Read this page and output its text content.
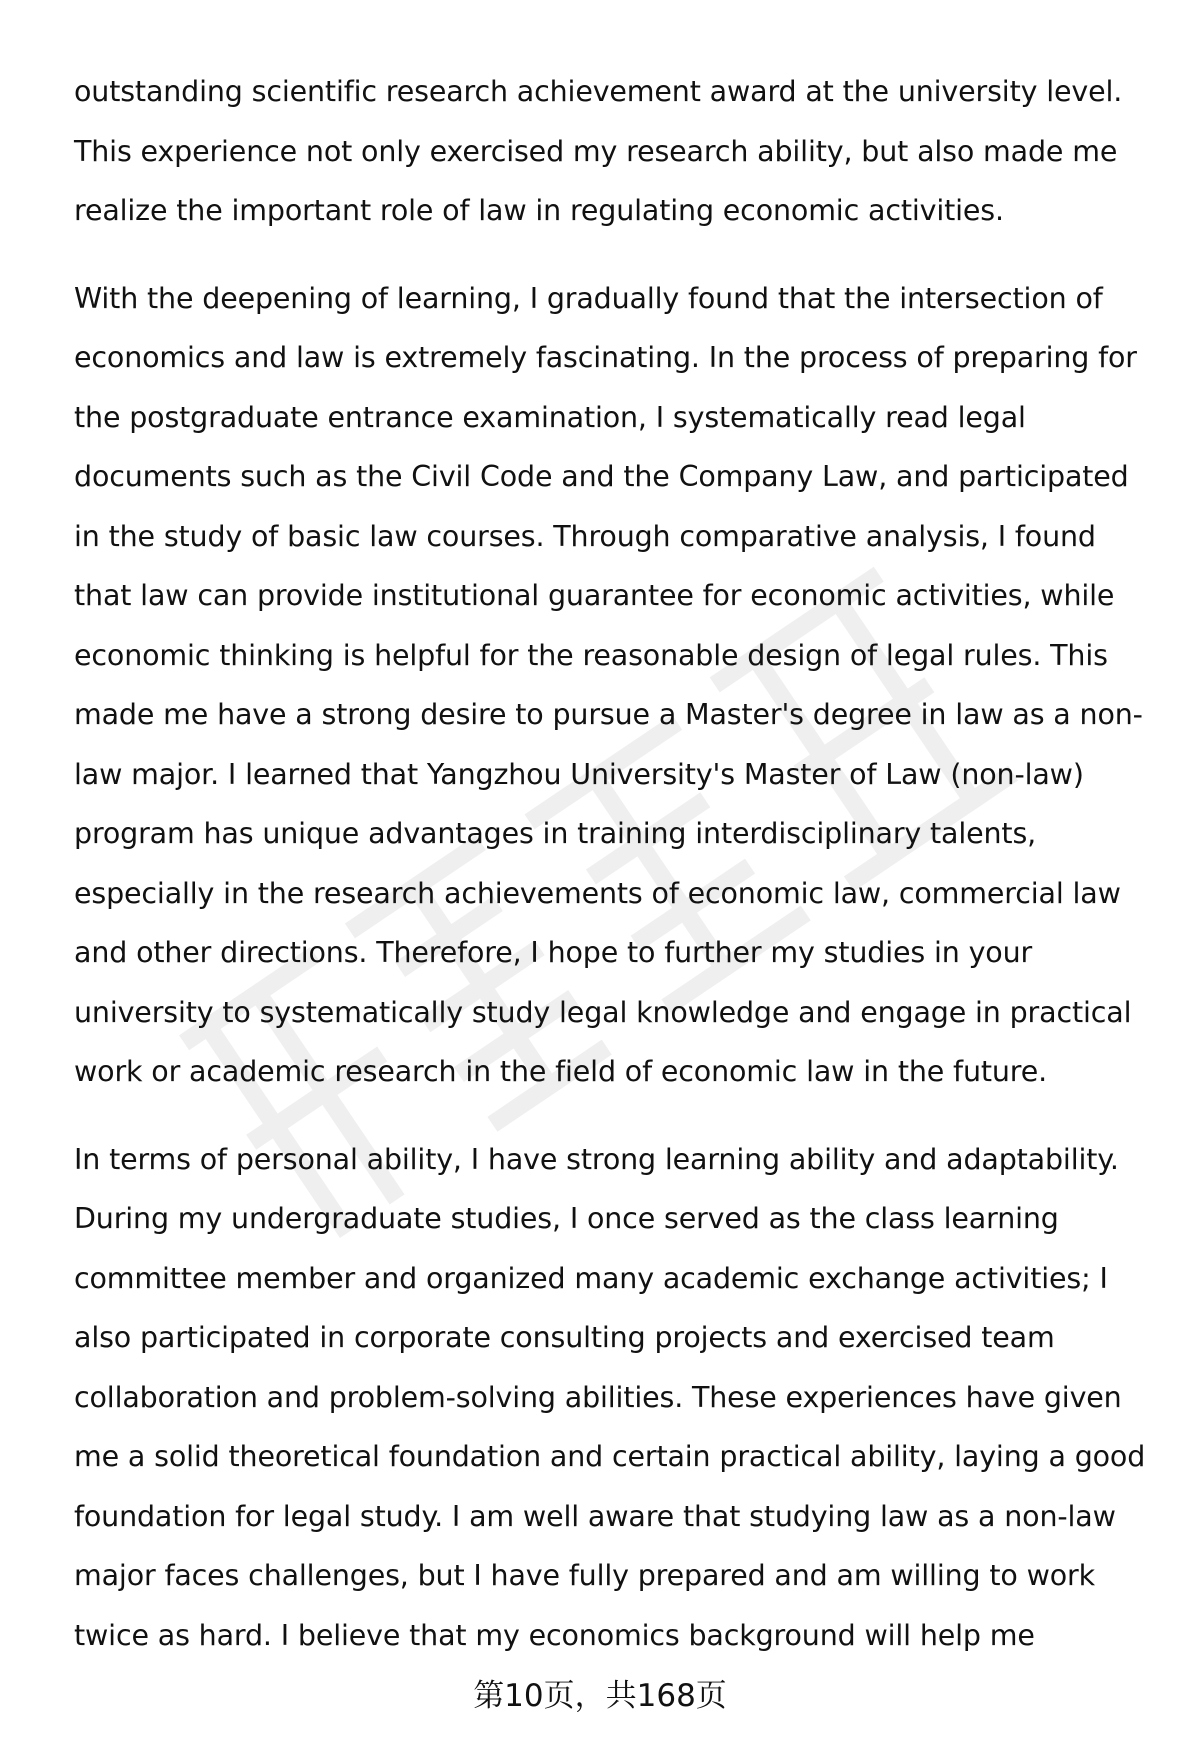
outstanding scientific research achievement award at the university level.
This experience not only exercised my research ability, but also made me
realize the important role of law in regulating economic activities.

With the deepening of learning, I gradually found that the intersection of
economics and law is extremely fascinating. In the process of preparing for
the postgraduate entrance examination, I systematically read legal
documents such as the Civil Code and the Company Law, and participated
in the study of basic law courses. Through comparative analysis, I found
that law can provide institutional guarantee for economic activities, while
economic thinking is helpful for the reasonable design of legal rules. This
made me have a strong desire to pursue a Master's degree in law as a non-
law major. I learned that Yangzhou University's Master of Law (non-law)
program has unique advantages in training interdisciplinary talents,
especially in the research achievements of economic law, commercial law
and other directions. Therefore, I hope to further my studies in your
university to systematically study legal knowledge and engage in practical
work or academic research in the field of economic law in the future.

In terms of personal ability, I have strong learning ability and adaptability.
During my undergraduate studies, I once served as the class learning
committee member and organized many academic exchange activities; I
also participated in corporate consulting projects and exercised team
collaboration and problem-solving abilities. These experiences have given
me a solid theoretical foundation and certain practical ability, laying a good
foundation for legal study. I am well aware that studying law as a non-law
major faces challenges, but I have fully prepared and am willing to work
twice as hard. I believe that my economics background will help me

第10页，共168页
